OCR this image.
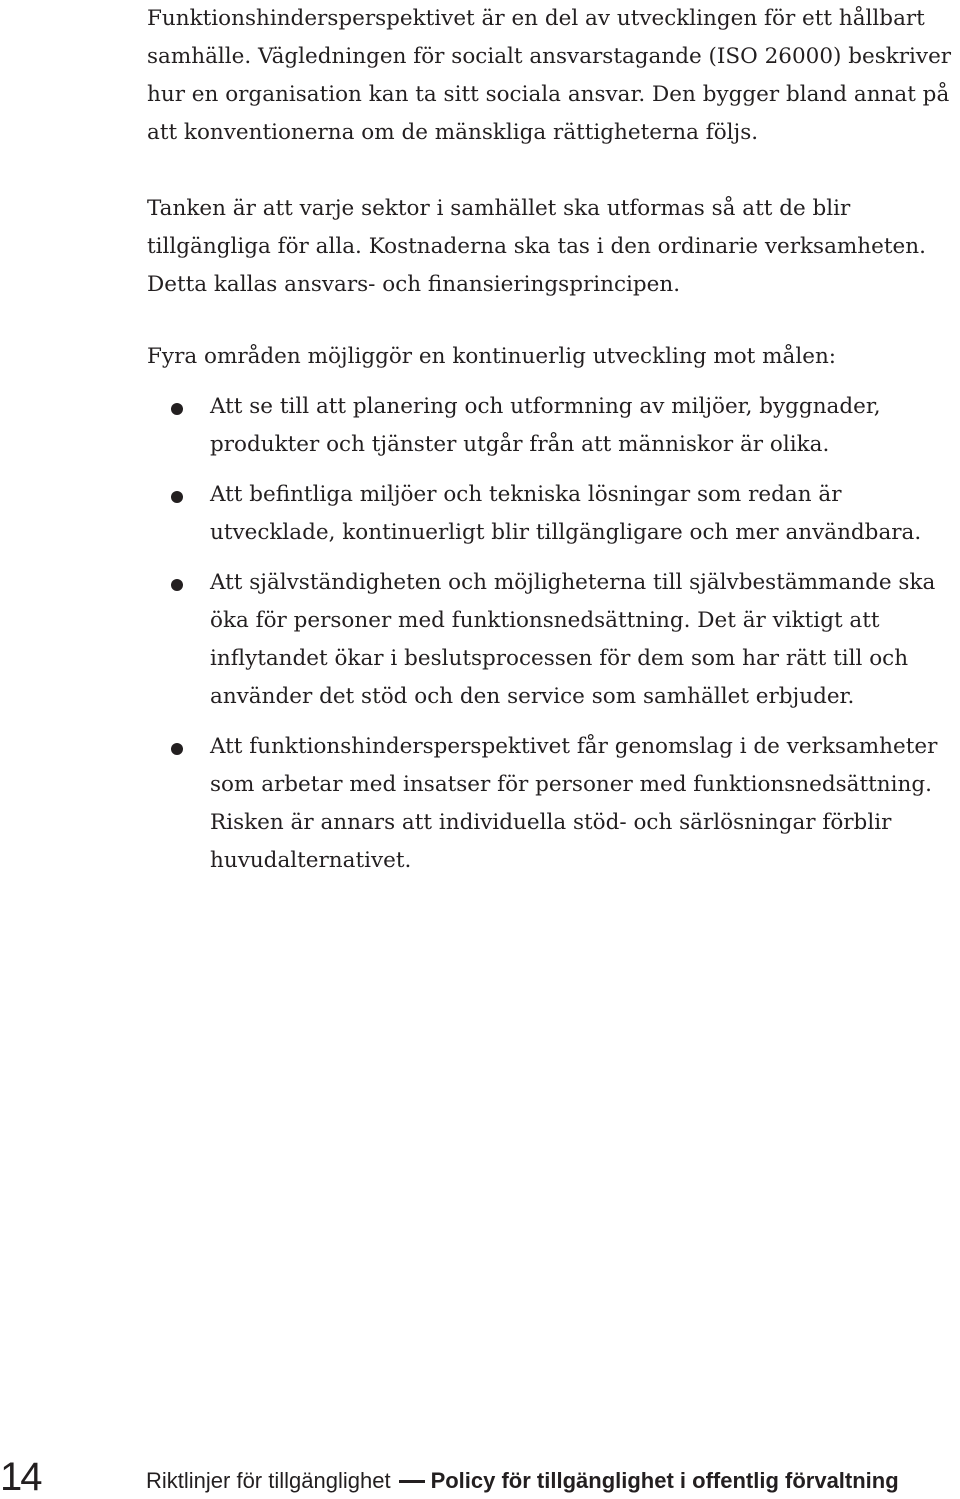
Funktionshindersperspektivet är en del av utvecklingen för ett hållbart samhälle. Vägledningen för socialt ansvarstagande (ISO 26000) beskriver hur en organisation kan ta sitt sociala ansvar. Den bygger bland annat på att konventionerna om de mänskliga rättigheterna följs.

Tanken är att varje sektor i samhället ska utformas så att de blir tillgängliga för alla. Kostnaderna ska tas i den ordinarie verksamheten. Detta kallas ansvars- och finansieringsprincipen.

Fyra områden möjliggör en kontinuerlig utveckling mot målen:

Att se till att planering och utformning av miljöer, byggnader, produkter och tjänster utgår från att människor är olika.
Att befintliga miljöer och tekniska lösningar som redan är utvecklade, kontinuerligt blir tillgängligare och mer användbara.
Att självständigheten och möjligheterna till självbestämmande ska öka för personer med funktionsnedsättning. Det är viktigt att inflytandet ökar i beslutsprocessen för dem som har rätt till och använder det stöd och den service som samhället erbjuder.
Att funktionshindersperspektivet får genomslag i de verksamheter som arbetar med insatser för personer med funktionsnedsättning. Risken är annars att individuella stöd- och särlösningar förblir huvudalternativet.
14	Riktlinjer för tillgänglighet Policy för tillgänglighet i offentlig förvaltning
